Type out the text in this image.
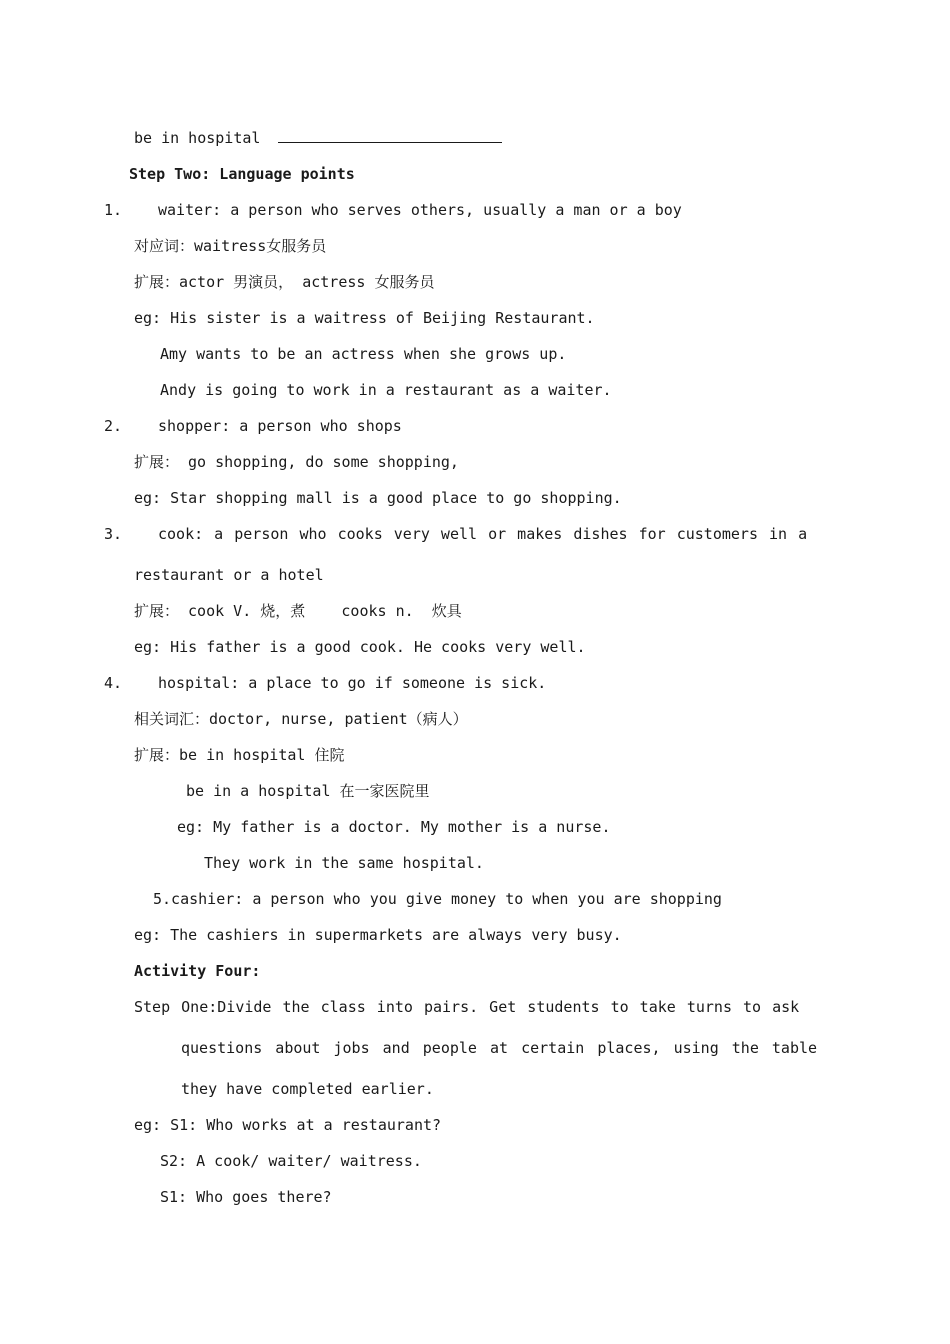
be in hospital
Step Two: Language points
1. waiter: a person who serves others, usually a man or a boy
对应词：waitress女服务员
扩展：actor 男演员， actress 女服务员
eg: His sister is a waitress of Beijing Restaurant.
Amy wants to be an actress when she grows up.
Andy is going to work in a restaurant as a waiter.
2. shopper: a person who shops
扩展： go shopping, do some shopping,
eg: Star shopping mall is a good place to go shopping.
3. cook: a person who cooks very well or makes dishes for customers in a
restaurant or a hotel
扩展： cook V. 烧，煮    cooks n.  炊具
eg: His father is a good cook. He cooks very well.
4. hospital: a place to go if someone is sick.
相关词汇：doctor, nurse, patient（病人）
扩展：be in hospital 住院
be in a hospital 在一家医院里
eg: My father is a doctor. My mother is a nurse.
They work in the same hospital.
5.cashier: a person who you give money to when you are shopping
eg: The cashiers in supermarkets are always very busy.
Activity Four:
Step One:Divide the class into pairs. Get students to take turns to ask
questions about jobs and people at certain places, using the table
they have completed earlier.
eg: S1: Who works at a restaurant?
S2: A cook/ waiter/ waitress.
S1: Who goes there?
